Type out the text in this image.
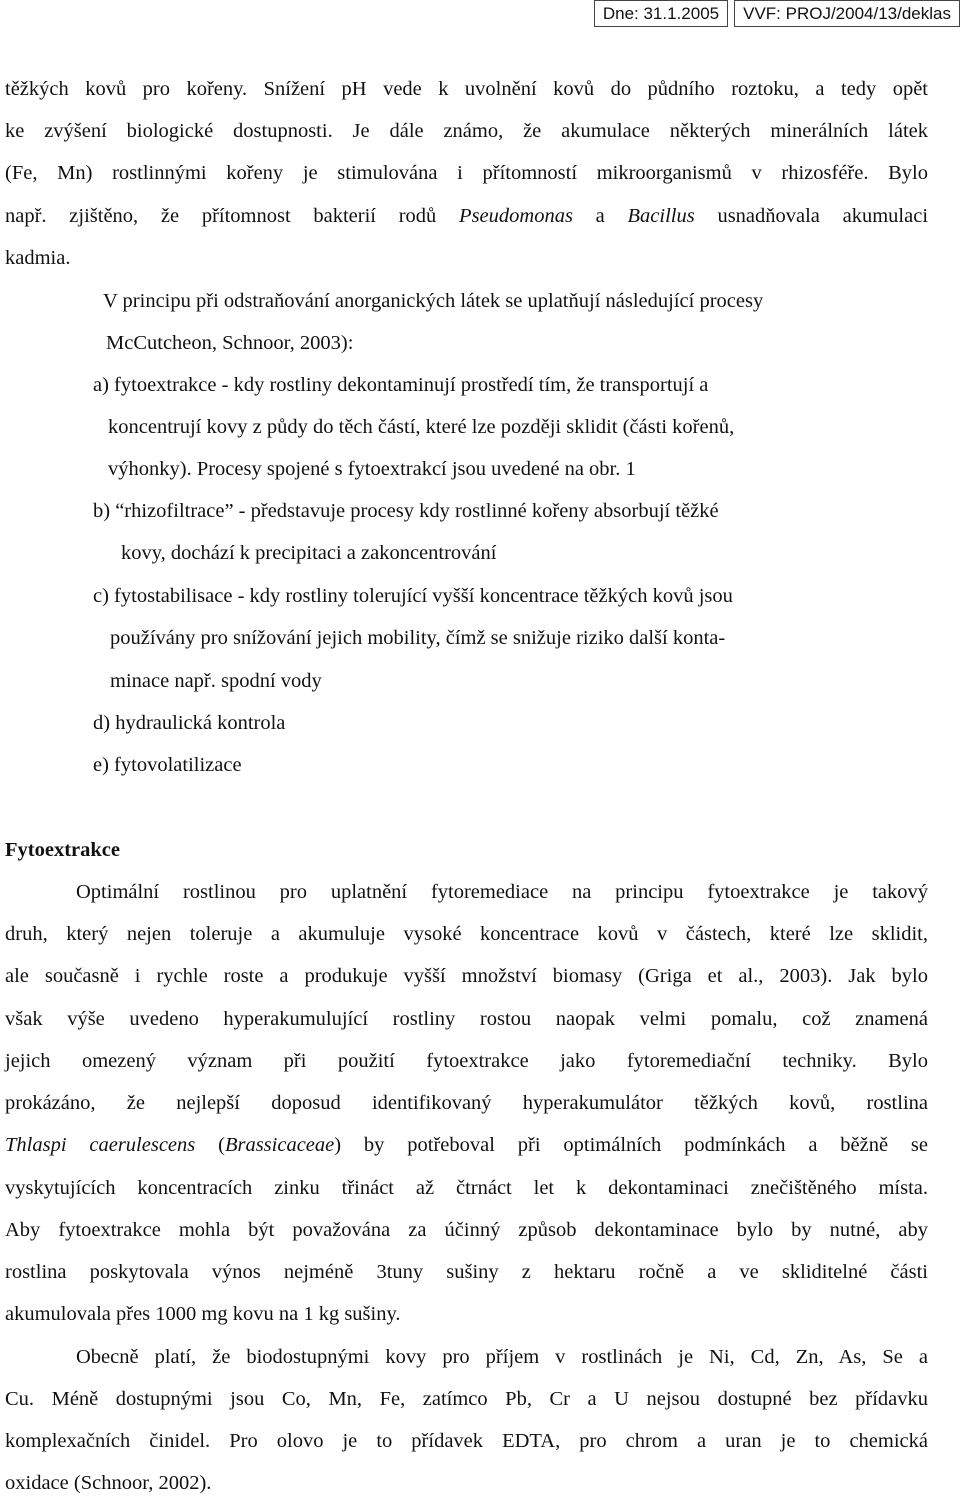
Dne: 31.1.2005	VVF: PROJ/2004/13/deklas
těžkých kovů pro kořeny. Snížení pH vede k uvolnění kovů do půdního roztoku, a tedy opět
ke zvýšení biologické dostupnosti. Je dále známo, že akumulace některých minerálních látek
(Fe, Mn) rostlinnými kořeny je stimulována i přítomností mikroorganismů v rhizosféře. Bylo
např. zjištěno, že přítomnost bakterií rodů Pseudomonas a Bacillus usnadňovala akumulaci
kadmia.
V principu při odstraňování anorganických látek se uplatňují následující procesy
McCutcheon, Schnoor, 2003):
a) fytoextrakce - kdy rostliny dekontaminují prostředí tím, že transportují a
koncentrují kovy z půdy do těch částí, které lze později sklidit (části kořenů,
výhonky). Procesy spojené s fytoextrakcí jsou uvedené na obr. 1
b) “rhizofiltrace” - představuje procesy kdy rostlinné kořeny absorbují těžké
kovy, dochází k precipitaci a zakoncentrování
c) fytostabilisace - kdy rostliny tolerující vyšší koncentrace těžkých kovů jsou
používány pro snížování jejich mobility, čímž se snižuje riziko další konta-
minace např. spodní vody
d) hydraulická kontrola
e) fytovolatilizace
Fytoextrakce
Optimální rostlinou pro uplatnění fytoremediace na principu fytoextrakce je takový
druh, který nejen toleruje a akumuluje vysoké koncentrace kovů v částech, které lze sklidit,
ale současně i rychle roste a produkuje vyšší množství biomasy (Griga et al., 2003). Jak bylo
však výše uvedeno hyperakumulující rostliny rostou naopak velmi pomalu, což znamená
jejich omezený význam při použití fytoextrakce jako fytoremediační techniky. Bylo
prokázáno, že nejlepší doposud identifikovaný hyperakumulátor těžkých kovů, rostlina
Thlaspi caerulescens (Brassicaceae) by potřeboval při optimálních podmínkách a běžně se
vyskytujících koncentracích zinku třináct až čtrnáct let k dekontaminaci znečištěného místa.
Aby fytoextrakce mohla být považována za účinný způsob dekontaminace bylo by nutné, aby
rostlina poskytovala výnos nejméně 3tuny sušiny z hektaru ročně a ve skliditelné části
akumulovala přes 1000 mg kovu na 1 kg sušiny.
Obecně platí, že biodostupnými kovy pro příjem v rostlinách je Ni, Cd, Zn, As, Se a
Cu. Méně dostupnými jsou Co, Mn, Fe, zatímco Pb, Cr a U nejsou dostupné bez přídavku
komplexačních činidel. Pro olovo je to přídavek EDTA, pro chrom a uran je to chemická
oxidace (Schnoor, 2002).
